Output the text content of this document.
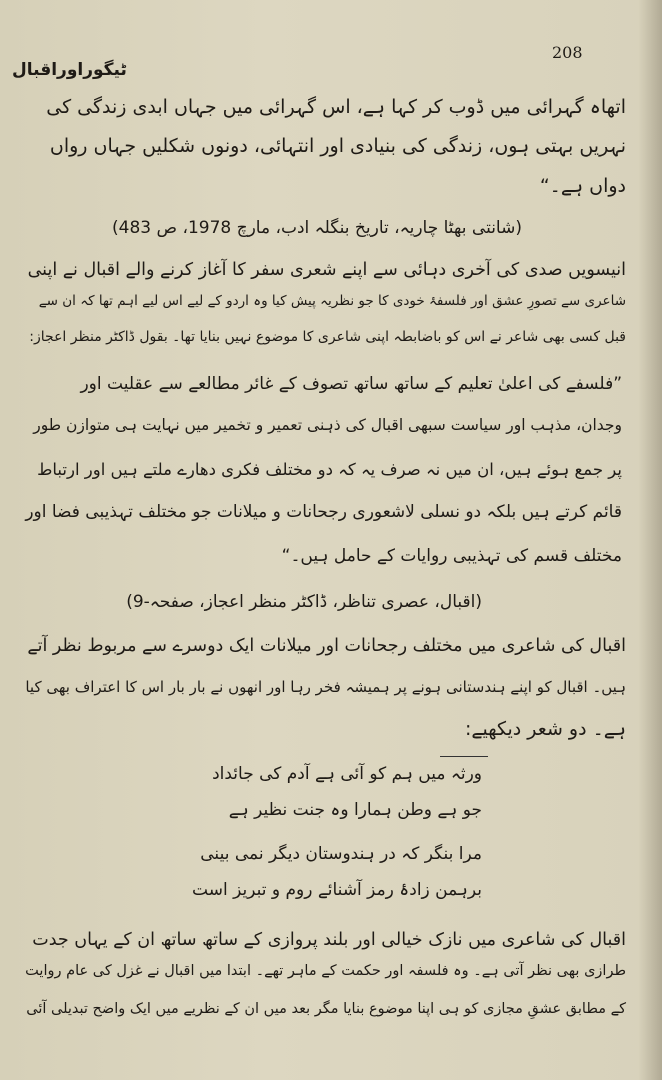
208
ٹیگوراوراقبال
اتھاہ گہرائی میں ڈوب کر کہا ہے، اس گہرائی میں جہاں ابدی زندگی کی
نہریں بہتی ہوں، زندگی کی بنیادی اور انتہائی، دونوں شکلیں جہاں رواں
دواں ہے۔“
(شانتی بھٹا چاریہ، تاریخ بنگلہ ادب، مارچ 1978، ص 483)
انیسویں صدی کی آخری دہائی سے اپنے شعری سفر کا آغاز کرنے والے اقبال نے اپنی
شاعری سے تصورِ عشق اور فلسفۂ خودی کا جو نظریہ پیش کیا وہ اردو کے لیے اس لیے اہم تھا کہ ان سے
قبل کسی بھی شاعر نے اس کو باضابطہ اپنی شاعری کا موضوع نہیں بنایا تھا۔ بقول ڈاکٹر منظر اعجاز:
”فلسفے کی اعلیٰ تعلیم کے ساتھ ساتھ تصوف کے غائر مطالعے سے عقلیت اور
وجدان، مذہب اور سیاست سبھی اقبال کی ذہنی تعمیر و تخمیر میں نہایت ہی متوازن طور
پر جمع ہوئے ہیں، ان میں نہ صرف یہ کہ دو مختلف فکری دھارے ملتے ہیں اور ارتباط
قائم کرتے ہیں بلکہ دو نسلی لاشعوری رجحانات و میلانات جو مختلف تہذیبی فضا اور
مختلف قسم کی تہذیبی روایات کے حامل ہیں۔“
(اقبال، عصری تناظر، ڈاکٹر منظر اعجاز، صفحہ-9)
اقبال کی شاعری میں مختلف رجحانات اور میلانات ایک دوسرے سے مربوط نظر آتے
ہیں۔ اقبال کو اپنے ہندستانی ہونے پر ہمیشہ فخر رہا اور انھوں نے بار بار اس کا اعتراف بھی کیا
ہے۔ دو شعر دیکھیے:
ورثہ میں ہم کو آئی ہے آدم کی جائداد
جو ہے وطن ہمارا وہ جنت نظیر ہے
مرا بنگر کہ در ہندوستان دیگر نمی بینی
برہمن زادۂ رمز آشنائے روم و تبریز است
اقبال کی شاعری میں نازک خیالی اور بلند پروازی کے ساتھ ساتھ ان کے یہاں جدت
طرازی بھی نظر آتی ہے۔ وہ فلسفہ اور حکمت کے ماہر تھے۔ ابتدا میں اقبال نے غزل کی عام روایت
کے مطابق عشقِ مجازی کو ہی اپنا موضوع بنایا مگر بعد میں ان کے نظریے میں ایک واضح تبدیلی آئی
